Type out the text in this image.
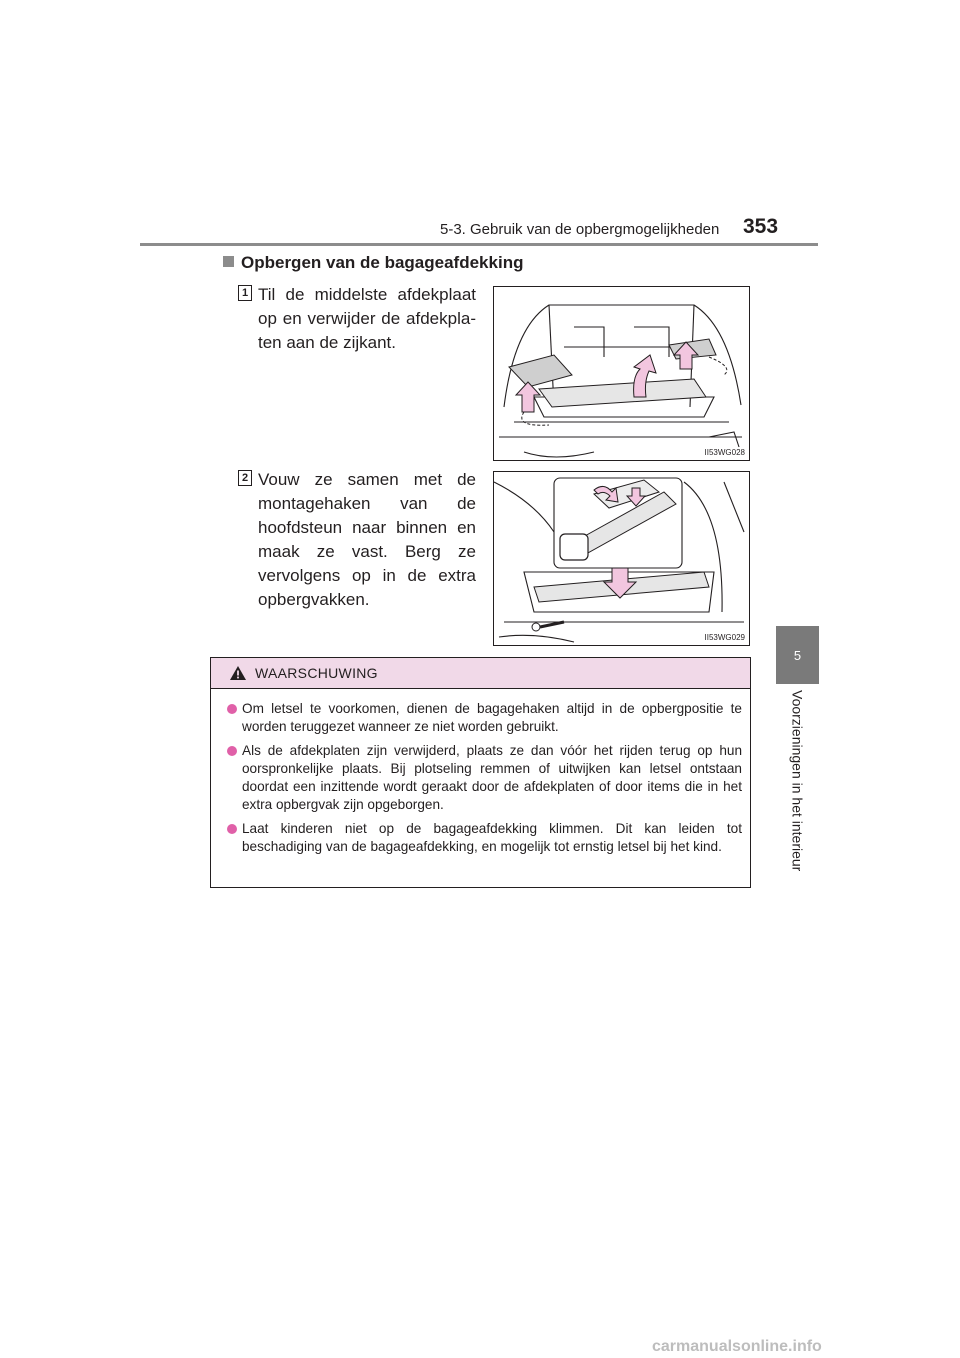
5-3. Gebruik van de opbergmogelijkheden 353
5
Voorzieningen in het interieur
Opbergen van de bagageafdekking
1 Til de middelste afdekplaat op en verwijder de afdekplaten aan de zijkant.
II53WG028
2 Vouw ze samen met de montagehaken van de hoofdsteun naar binnen en maak ze vast. Berg ze vervolgens op in de extra opbergvakken.
II53WG029
WAARSCHUWING
Om letsel te voorkomen, dienen de bagagehaken altijd in de opbergpositie te worden teruggezet wanneer ze niet worden gebruikt.
Als de afdekplaten zijn verwijderd, plaats ze dan vóór het rijden terug op hun oorspronkelijke plaats. Bij plotseling remmen of uitwijken kan letsel ontstaan doordat een inzittende wordt geraakt door de afdekplaten of door items die in het extra opbergvak zijn opgeborgen.
Laat kinderen niet op de bagageafdekking klimmen. Dit kan leiden tot beschadiging van de bagageafdekking, en mogelijk tot ernstig letsel bij het kind.
carmanualsonline.info
